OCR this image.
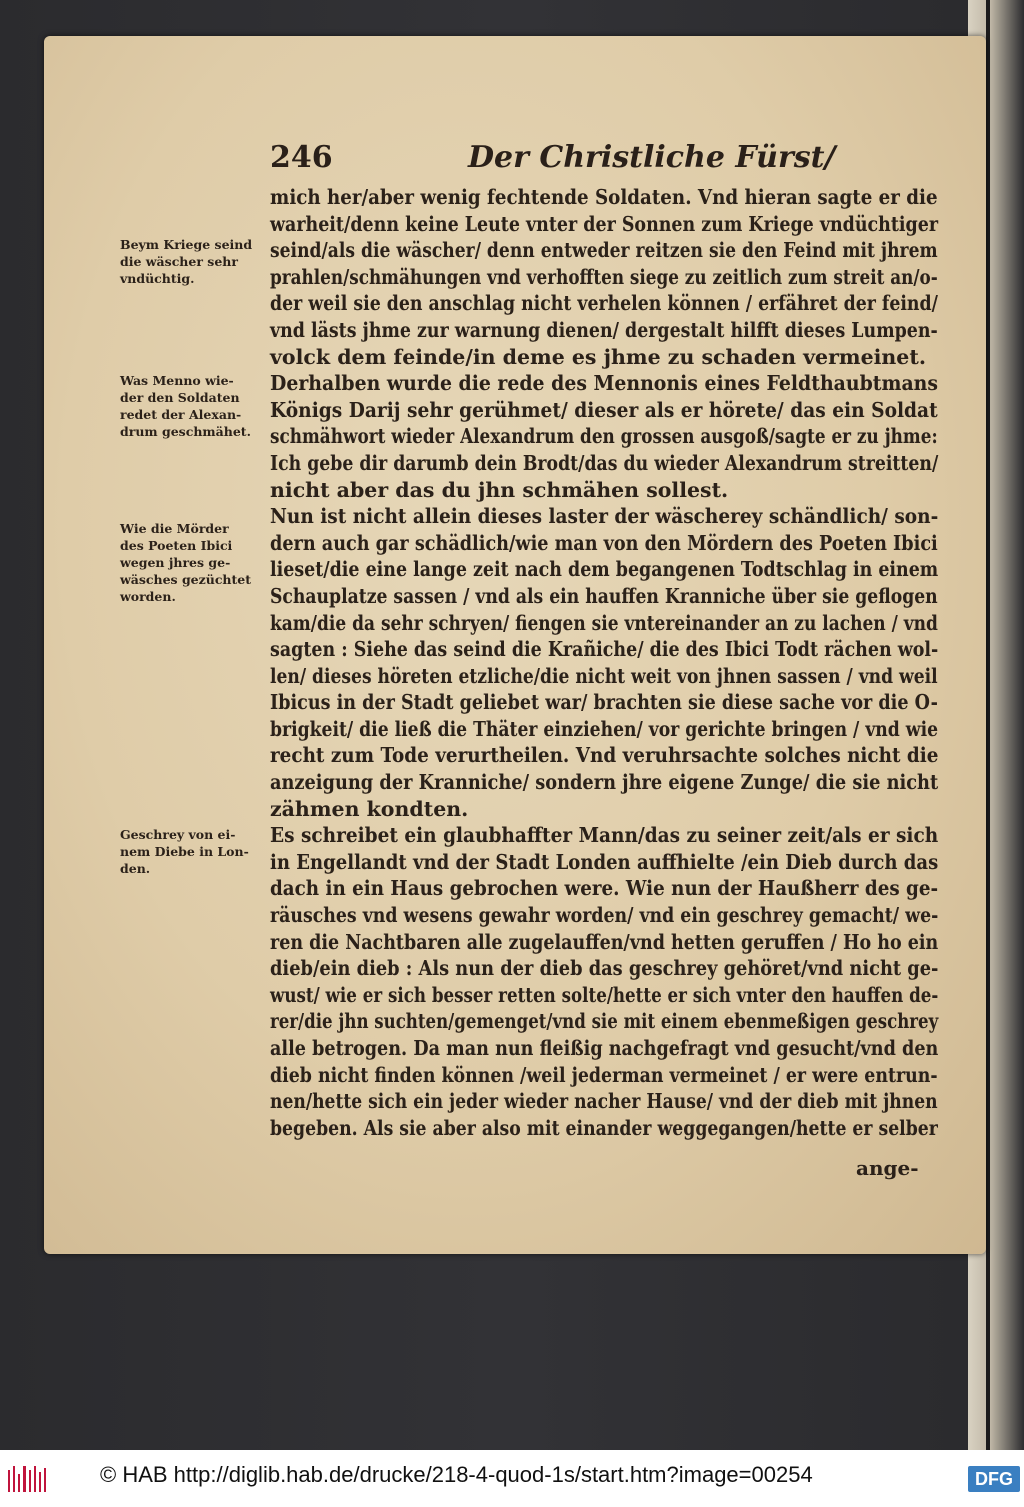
246	Der Christliche Fürst/
mich her/aber wenig fechtende Soldaten. Vnd hieran sagte er die
warheit/denn keine Leute vnter der Sonnen zum Kriege vndüchtiger
seind/als die wäscher/ denn entweder reitzen sie den Feind mit jhrem
prahlen/schmähungen vnd verhofften siege zu zeitlich zum streit an/o-
der weil sie den anschlag nicht verhelen können / erfähret der feind/
vnd lästs jhme zur warnung dienen/ dergestalt hilfft dieses Lumpen-
volck dem feinde/in deme es jhme zu schaden vermeinet.
Derhalben wurde die rede des Mennonis eines Feldthaubtmans
Königs Darij sehr gerühmet/ dieser als er hörete/ das ein Soldat
schmähwort wieder Alexandrum den grossen ausgoß/sagte er zu jhme:
Ich gebe dir darumb dein Brodt/das du wieder Alexandrum streitten/
nicht aber das du jhn schmähen sollest.
Nun ist nicht allein dieses laster der wäscherey schändlich/ son-
dern auch gar schädlich/wie man von den Mördern des Poeten Ibici
lieset/die eine lange zeit nach dem begangenen Todtschlag in einem
Schauplatze sassen / vnd als ein hauffen Kranniche über sie geflogen
kam/die da sehr schryen/ fiengen sie vntereinander an zu lachen / vnd
sagten : Siehe das seind die Krañiche/ die des Ibici Todt rächen wol-
len/ dieses höreten etzliche/die nicht weit von jhnen sassen / vnd weil
Ibicus in der Stadt geliebet war/ brachten sie diese sache vor die O-
brigkeit/ die ließ die Thäter einziehen/ vor gerichte bringen / vnd wie
recht zum Tode verurtheilen. Vnd veruhrsachte solches nicht die
anzeigung der Kranniche/ sondern jhre eigene Zunge/ die sie nicht
zähmen kondten.
Es schreibet ein glaubhaffter Mann/das zu seiner zeit/als er sich
in Engellandt vnd der Stadt Londen auffhielte /ein Dieb durch das
dach in ein Haus gebrochen were. Wie nun der Haußherr des ge-
räusches vnd wesens gewahr worden/ vnd ein geschrey gemacht/ we-
ren die Nachtbaren alle zugelauffen/vnd hetten geruffen / Ho ho ein
dieb/ein dieb : Als nun der dieb das geschrey gehöret/vnd nicht ge-
wust/ wie er sich besser retten solte/hette er sich vnter den hauffen de-
rer/die jhn suchten/gemenget/vnd sie mit einem ebenmeßigen geschrey
alle betrogen. Da man nun fleißig nachgefragt vnd gesucht/vnd den
dieb nicht finden können /weil jederman vermeinet / er were entrun-
nen/hette sich ein jeder wieder nacher Hause/ vnd der dieb mit jhnen
begeben. Als sie aber also mit einander weggegangen/hette er selber
Beym Kriege seind
die wäscher sehr
vndüchtig.
Was Menno wie-
der den Soldaten
redet der Alexan-
drum geschmähet.
Wie die Mörder
des Poeten Ibici
wegen jhres ge-
wäsches gezüchtet
worden.
Geschrey von ei-
nem Diebe in Lon-
den.
ange-
© HAB http://diglib.hab.de/drucke/218-4-quod-1s/start.htm?image=00254	DFG
